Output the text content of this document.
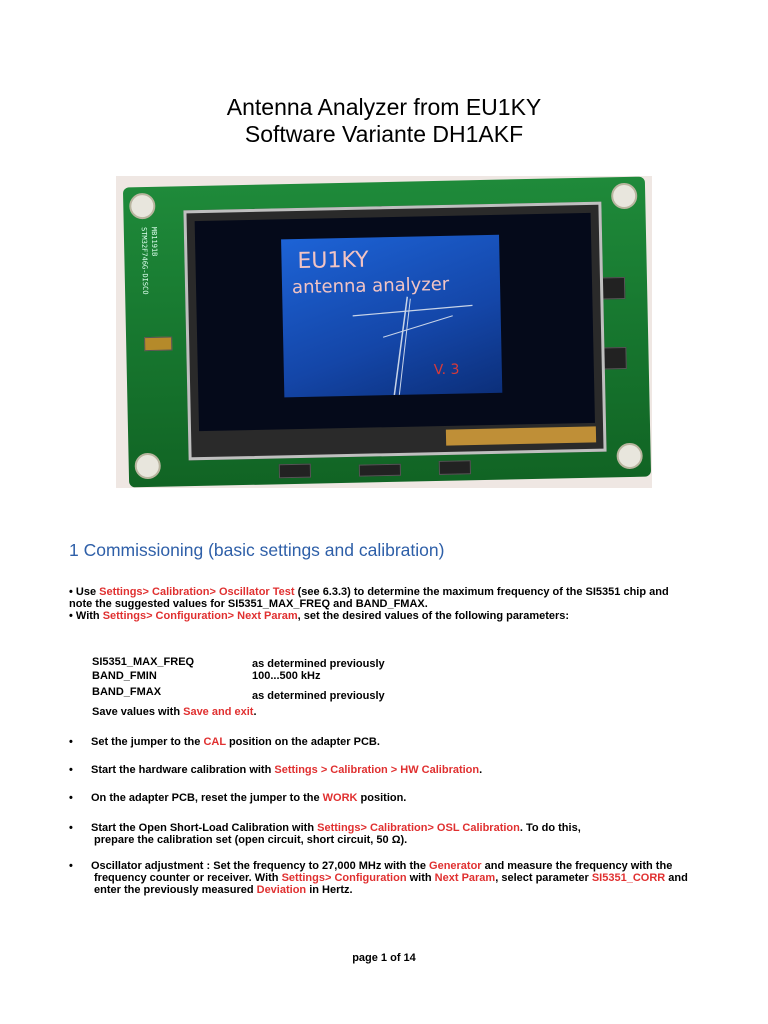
Antenna Analyzer from EU1KY
Software Variante DH1AKF
STM32F746G-DISCO MB1191B
EU1KY
antenna analyzer
V. 3
1 Commissioning (basic settings and calibration)
• Use Settings> Calibration> Oscillator Test (see 6.3.3) to determine the maximum frequency of the SI5351 chip and
note the suggested values for SI5351_MAX_FREQ and BAND_FMAX.
• With Settings> Configuration> Next Param, set the desired values of the following parameters:
SI5351_MAX_FREQ	as determined previously
BAND_FMIN	100...500 kHz
BAND_FMAX	as determined previously
Save values with Save and exit.
• Set the jumper to the CAL position on the adapter PCB.
• Start the hardware calibration with Settings > Calibration > HW Calibration.
• On the adapter PCB, reset the jumper to the WORK position.
• Start the Open Short-Load Calibration with Settings> Calibration> OSL Calibration. To do this,
prepare the calibration set (open circuit, short circuit, 50 Ω).
• Oscillator adjustment : Set the frequency to 27,000 MHz with the Generator and measure the frequency with the
frequency counter or receiver. With Settings> Configuration with Next Param, select parameter SI5351_CORR and
enter the previously measured Deviation in Hertz.
page 1 of 14
